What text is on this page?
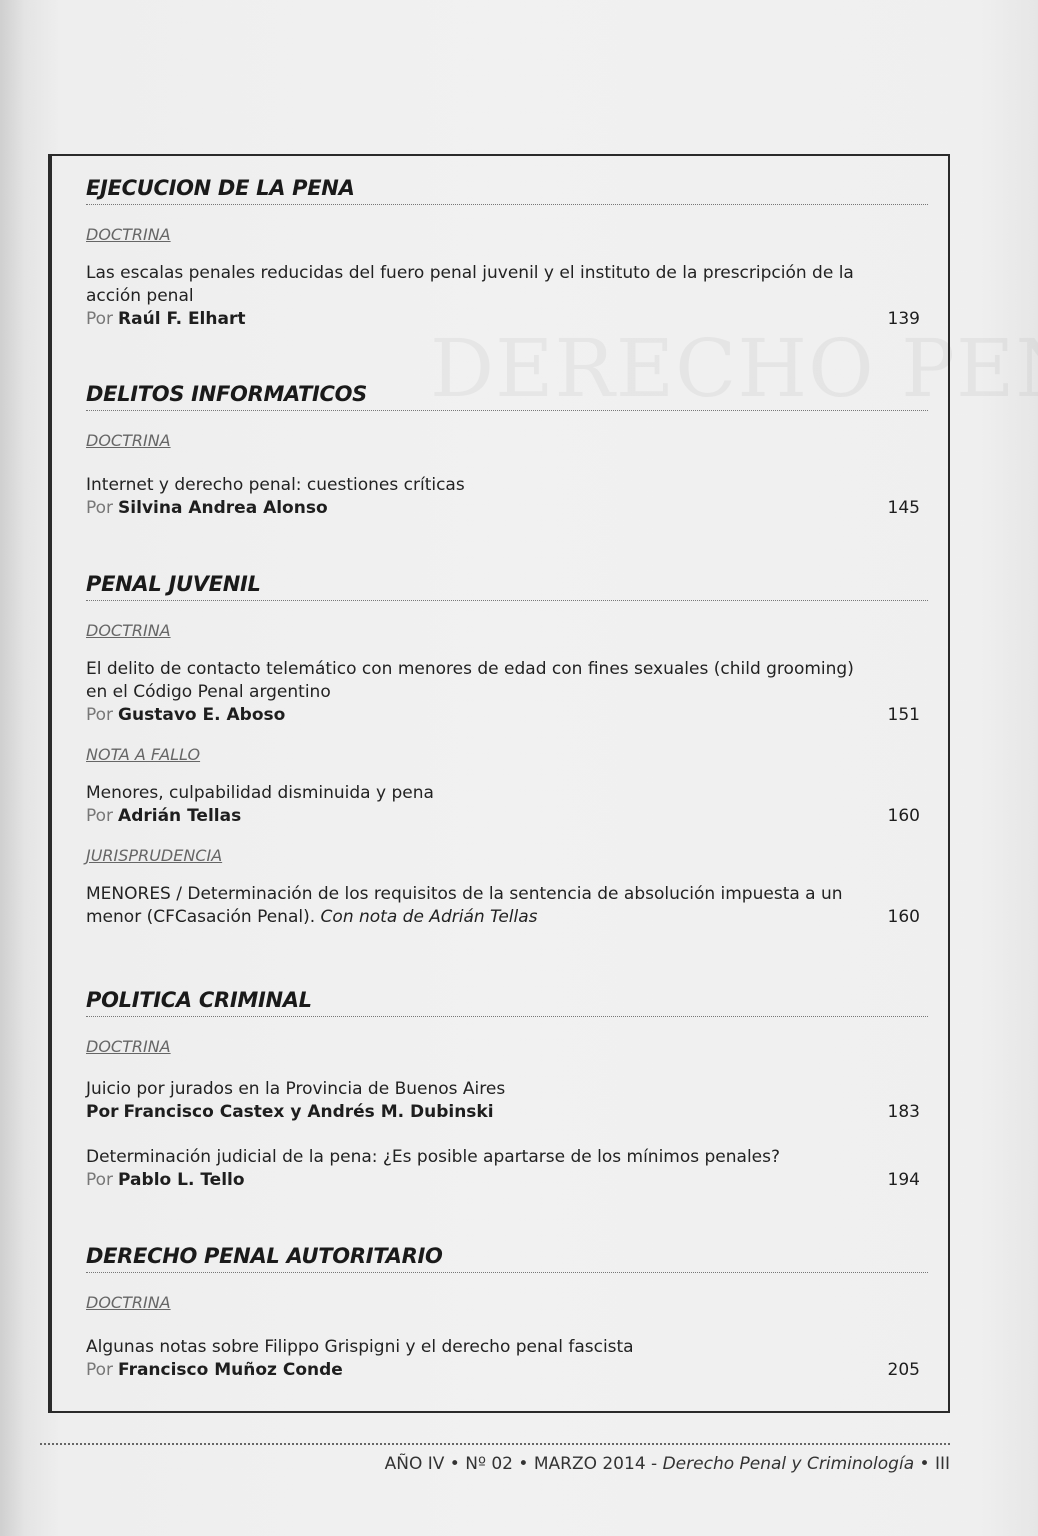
EJECUCION DE LA PENA
DOCTRINA
Las escalas penales reducidas del fuero penal juvenil y el instituto de la prescripción de la acción penal
Por Raúl F. Elhart	139
DELITOS INFORMATICOS
DOCTRINA
Internet y derecho penal: cuestiones críticas
Por Silvina Andrea Alonso	145
PENAL JUVENIL
DOCTRINA
El delito de contacto telemático con menores de edad con fines sexuales (child grooming) en el Código Penal argentino
Por Gustavo E. Aboso	151
NOTA A FALLO
Menores, culpabilidad disminuida y pena
Por Adrián Tellas	160
JURISPRUDENCIA
MENORES / Determinación de los requisitos de la sentencia de absolución impuesta a un menor (CFCasación Penal). Con nota de Adrián Tellas	160
POLITICA CRIMINAL
DOCTRINA
Juicio por jurados en la Provincia de Buenos Aires
Por Francisco Castex y Andrés M. Dubinski	183
Determinación judicial de la pena: ¿Es posible apartarse de los mínimos penales?
Por Pablo L. Tello	194
DERECHO PENAL AUTORITARIO
DOCTRINA
Algunas notas sobre Filippo Grispigni y el derecho penal fascista
Por Francisco Muñoz Conde	205
AÑO IV • Nº 02 • MARZO 2014 - Derecho Penal y Criminología • III
